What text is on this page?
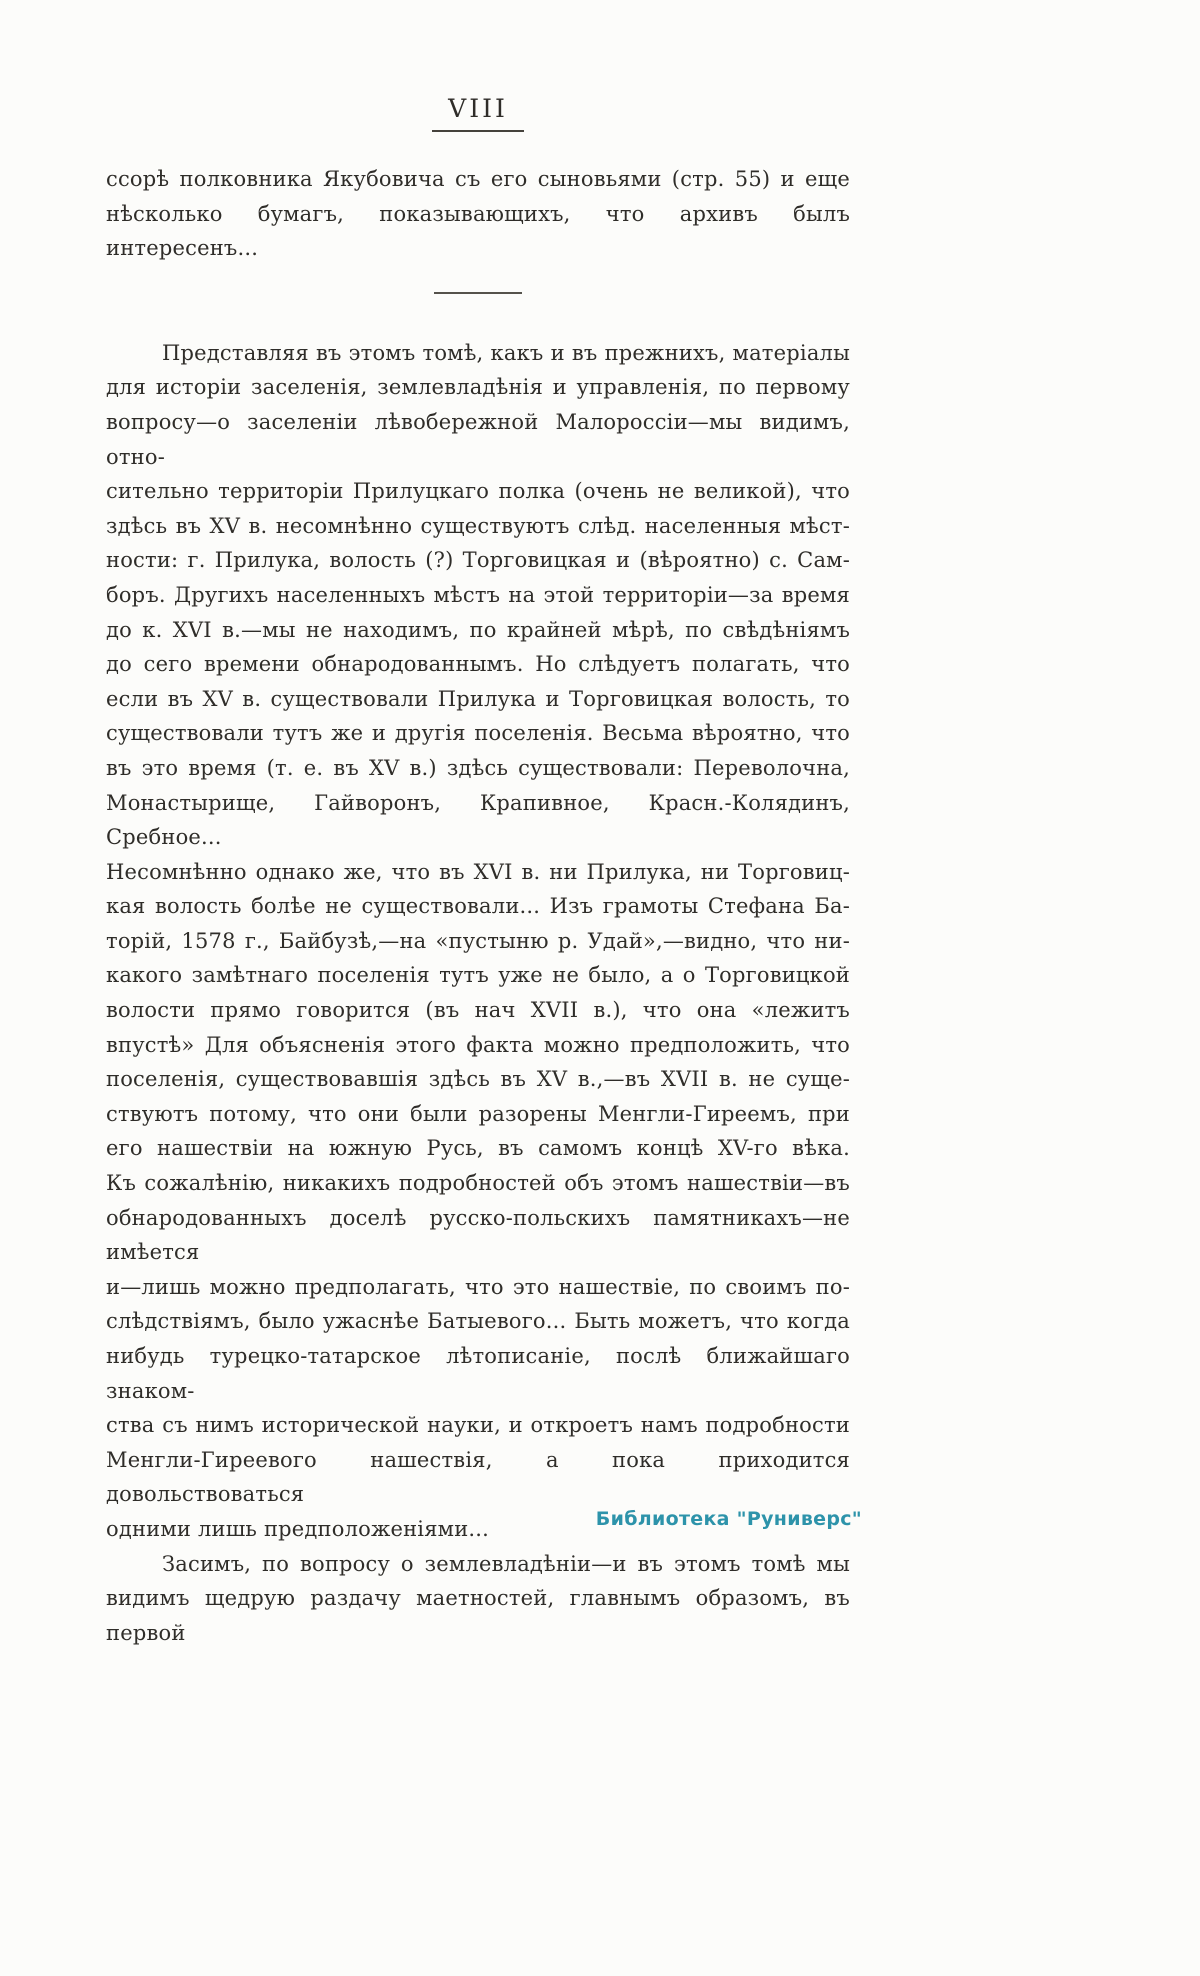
VIII
ссорѣ полковника Якубовича съ его сыновьями (стр. 55) и еще
нѣсколько бумагъ, показывающихъ, что архивъ былъ интересенъ...
Представляя въ этомъ томѣ, какъ и въ прежнихъ, матеріалы
для исторіи заселенія, землевладѣнія и управленія, по первому
вопросу—о заселеніи лѣвобережной Малороссіи—мы видимъ, отно-
сительно территоріи Прилуцкаго полка (очень не великой), что
здѣсь въ XV в. несомнѣнно существуютъ слѣд. населенныя мѣст-
ности: г. Прилука, волость (?) Торговицкая и (вѣроятно) с. Сам-
боръ. Другихъ населенныхъ мѣстъ на этой территоріи—за время
до к. XVI в.—мы не находимъ, по крайней мѣрѣ, по свѣдѣніямъ
до сего времени обнародованнымъ. Но слѣдуетъ полагать, что
если въ XV в. существовали Прилука и Торговицкая волость, то
существовали тутъ же и другія поселенія. Весьма вѣроятно, что
въ это время (т. е. въ XV в.) здѣсь существовали: Переволочна,
Монастырище, Гайворонъ, Крапивное, Красн.-Колядинъ, Сребное...
Несомнѣнно однако же, что въ XVI в. ни Прилука, ни Торговиц-
кая волость болѣе не существовали... Изъ грамоты Стефана Ба-
торій, 1578 г., Байбузѣ,—на «пустыню р. Удай»,—видно, что ни-
какого замѣтнаго поселенія тутъ уже не было, а о Торговицкой
волости прямо говорится (въ нач XVII в.), что она «лежитъ
впустѣ» Для объясненія этого факта можно предположить, что
поселенія, существовавшія здѣсь въ XV в.,—въ XVII в. не суще-
ствуютъ потому, что они были разорены Менгли-Гиреемъ, при
его нашествіи на южную Русь, въ самомъ концѣ XV-го вѣка.
Къ сожалѣнію, никакихъ подробностей объ этомъ нашествіи—въ
обнародованныхъ доселѣ русско-польскихъ памятникахъ—не имѣется
и—лишь можно предполагать, что это нашествіе, по своимъ по-
слѣдствіямъ, было ужаснѣе Батыевого... Быть можетъ, что когда
нибудь турецко-татарское лѣтописаніе, послѣ ближайшаго знаком-
ства съ нимъ исторической науки, и откроетъ намъ подробности
Менгли-Гиреевого нашествія, а пока приходится довольствоваться
одними лишь предположеніями...
Засимъ, по вопросу о землевладѣніи—и въ этомъ томѣ мы
видимъ щедрую раздачу маетностей, главнымъ образомъ, въ первой
Библиотека "Руниверс"
